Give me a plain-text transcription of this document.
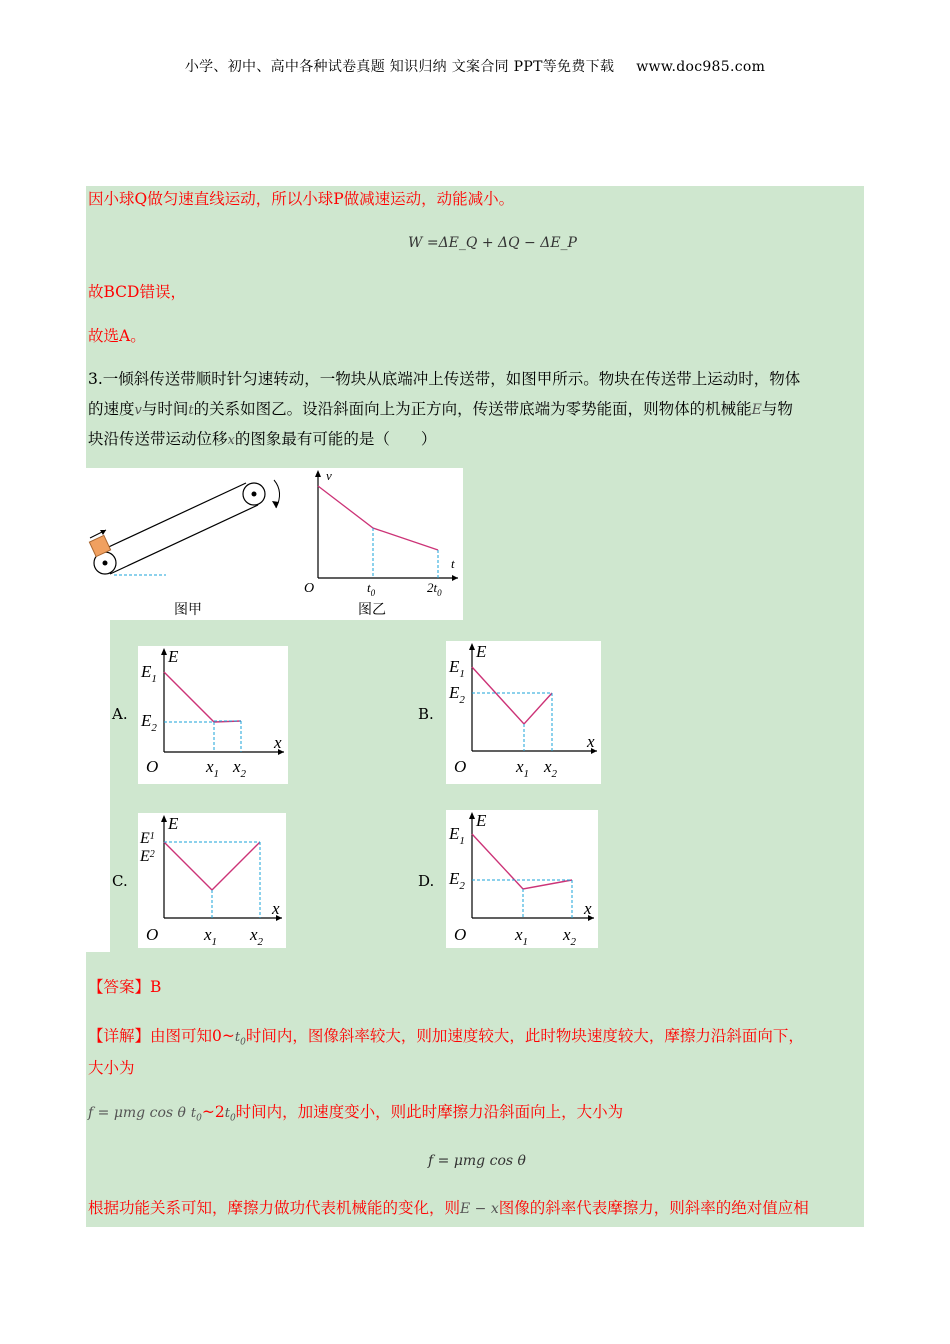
小学、初中、高中各种试卷真题 知识归纳 文案合同 PPT等免费下载 www.doc985.com
因小球Q做匀速直线运动，所以小球P做减速运动，动能减小。
W =ΔE_Q + ΔQ − ΔE_P
故BCD错误，
故选A。
3.一倾斜传送带顺时针匀速转动，一物块从底端冲上传送带，如图甲所示。物块在传送带上运动时，物体
的速度v与时间t的关系如图乙。设沿斜面向上为正方向，传送带底端为零势能面，则物体的机械能E与物
块沿传送带运动位移x的图象最有可能的是（　　）
图甲
v
t
O	$t_0$	$2t_0$
图乙
A.
E
x
O
$E_1$
$E_2$
$x_1$ $x_2$
B.
E
x
O
$E_1$
$E_2$
$x_1$ $x_2$
C.
E
x
O
$E^1$
$E^2$
$x_1$ $x_2$
D.
E
x
O
$E_1$
$E_2$
$x_1$ $x_2$
【答案】B
【详解】由图可知$0\sim t_0$时间内，图像斜率较大，则加速度较大，此时物块速度较大，摩擦力沿斜面向下，
大小为
f = μmg cos θ $t_0\sim 2t_0$时间内，加速度变小，则此时摩擦力沿斜面向上，大小为
f = μmg cos θ
根据功能关系可知，摩擦力做功代表机械能的变化，则E − x图像的斜率代表摩擦力，则斜率的绝对值应相
